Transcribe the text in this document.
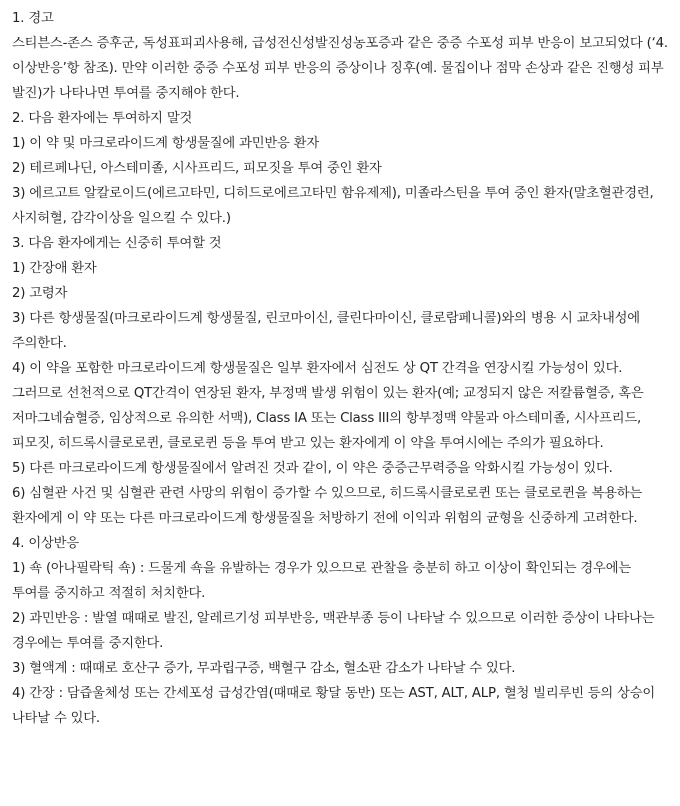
1. 경고

스티븐스-존스 증후군, 독성표피괴사용해, 급성전신성발진성농포증과 같은 중증 수포성 피부 반응이 보고되었다 (‘4. 이상반응’항 참조). 만약 이러한 중증 수포성 피부 반응의 증상이나 징후(예. 물집이나 점막 손상과 같은 진행성 피부 발진)가 나타나면 투여를 중지해야 한다.

2. 다음 환자에는 투여하지 말것

1) 이 약 및 마크로라이드계 항생물질에 과민반응 환자

2) 테르페나딘, 아스테미졸, 시사프리드, 피모짓을 투여 중인 환자

3) 에르고트 알칼로이드(에르고타민, 디히드로에르고타민 함유제제), 미졸라스틴을 투여 중인 환자(말초혈관경련, 사지허혈, 감각이상을 일으킬 수 있다.)

3. 다음 환자에게는 신중히 투여할 것

1) 간장애 환자

2) 고령자

3) 다른 항생물질(마크로라이드계 항생물질, 린코마이신, 클린다마이신, 클로람페니콜)와의 병용 시 교차내성에 주의한다.

4) 이 약을 포함한 마크로라이드계 항생물질은 일부 환자에서 심전도 상 QT 간격을 연장시킬 가능성이 있다. 그러므로 선천적으로 QT간격이 연장된 환자, 부정맥 발생 위험이 있는 환자(예; 교정되지 않은 저칼륨혈증, 혹은 저마그네슘혈증, 임상적으로 유의한 서맥), Class IA 또는 Class III의 항부정맥 약물과 아스테미졸, 시사프리드, 피모짓, 히드록시클로로퀸, 클로로퀸 등을 투여 받고 있는 환자에게 이 약을 투여시에는 주의가 필요하다.

5) 다른 마크로라이드계 항생물질에서 알려진 것과 같이, 이 약은 중증근무력증을 악화시킬 가능성이 있다.

6) 심혈관 사건 및 심혈관 관련 사망의 위험이 증가할 수 있으므로, 히드록시클로로퀸 또는 클로로퀸을 복용하는 환자에게 이 약 또는 다른 마크로라이드계 항생물질을 처방하기 전에 이익과 위험의 균형을 신중하게 고려한다.

4. 이상반응

1) 쇽 (아나필락틱 쇽) : 드물게 쇽을 유발하는 경우가 있으므로 관찰을 충분히 하고 이상이 확인되는 경우에는 투여를 중지하고 적절히 처치한다.

2) 과민반응 : 발열 때때로 발진, 알레르기성 피부반응, 맥관부종 등이 나타날 수 있으므로 이러한 증상이 나타나는 경우에는 투여를 중지한다.

3) 혈액계 : 때때로 호산구 증가, 무과립구증, 백혈구 감소, 혈소판 감소가 나타날 수 있다.

4) 간장 : 담즙울체성 또는 간세포성 급성간염(때때로 황달 동반) 또는 AST, ALT, ALP, 혈청 빌리루빈 등의 상승이 나타날 수 있다.
